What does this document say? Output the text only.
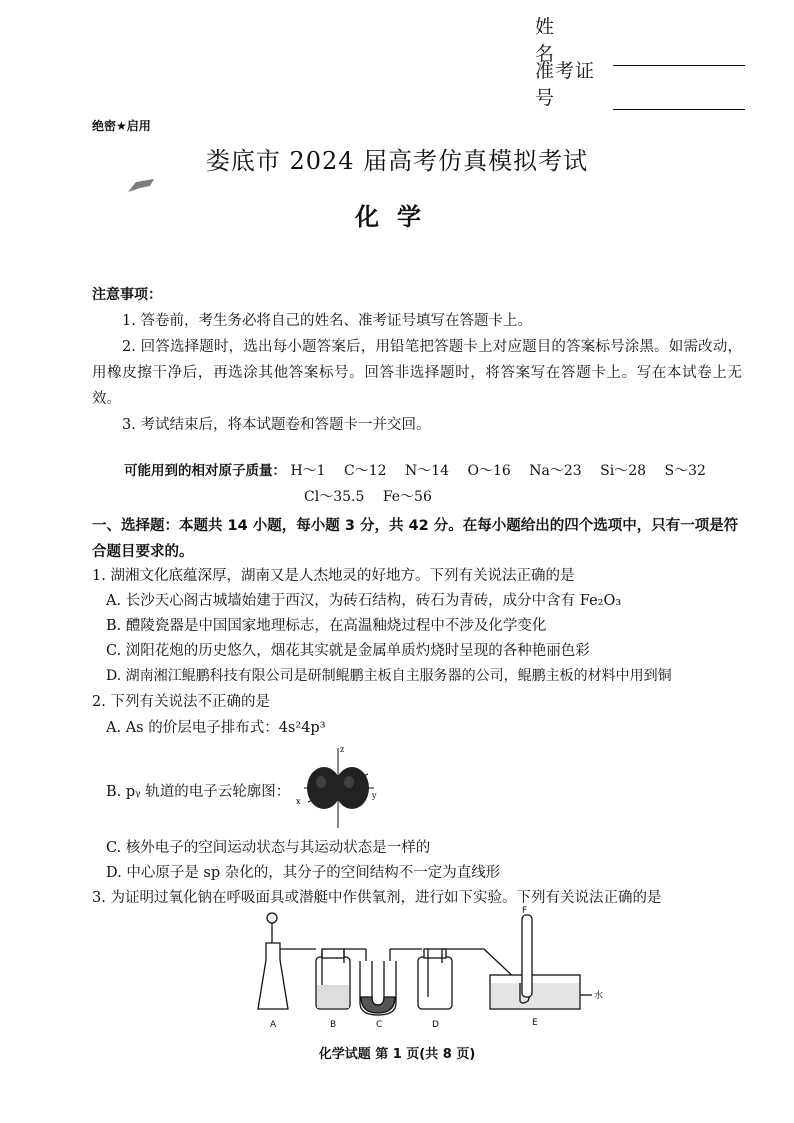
姓　　名
准考证号
绝密★启用
娄底市 2024 届高考仿真模拟考试
化学
注意事项：
1. 答卷前，考生务必将自己的姓名、准考证号填写在答题卡上。
2. 回答选择题时，选出每小题答案后，用铅笔把答题卡上对应题目的答案标号涂黑。如需改动，用橡皮擦干净后，再选涂其他答案标号。回答非选择题时，将答案写在答题卡上。写在本试卷上无效。
3. 考试结束后，将本试题卷和答题卡一并交回。
可能用到的相对原子质量： H～1 C～12 N～14 O～16 Na～23 Si～28 S～32
Cl～35.5 Fe～56
一、选择题：本题共 14 小题，每小题 3 分，共 42 分。在每小题给出的四个选项中，只有一项是符合题目要求的。
1. 湖湘文化底蕴深厚，湖南又是人杰地灵的好地方。下列有关说法正确的是
A. 长沙天心阁古城墙始建于西汉，为砖石结构，砖石为青砖，成分中含有 Fe₂O₃
B. 醴陵瓷器是中国国家地理标志，在高温釉烧过程中不涉及化学变化
C. 浏阳花炮的历史悠久，烟花其实就是金属单质灼烧时呈现的各种艳丽色彩
D. 湖南湘江鲲鹏科技有限公司是研制鲲鹏主板自主服务器的公司，鲲鹏主板的材料中用到铜
2. 下列有关说法不正确的是
A. As 的价层电子排布式：4s²4p³
B. pᵧ 轨道的电子云轮廓图：
z
x
y
C. 核外电子的空间运动状态与其运动状态是一样的
D. 中心原子是 sp 杂化的，其分子的空间结构不一定为直线形
3. 为证明过氧化钠在呼吸面具或潜艇中作供氧剂，进行如下实验。下列有关说法正确的是
A	B	C	D	E
F
水
化学试题 第 1 页(共 8 页)
